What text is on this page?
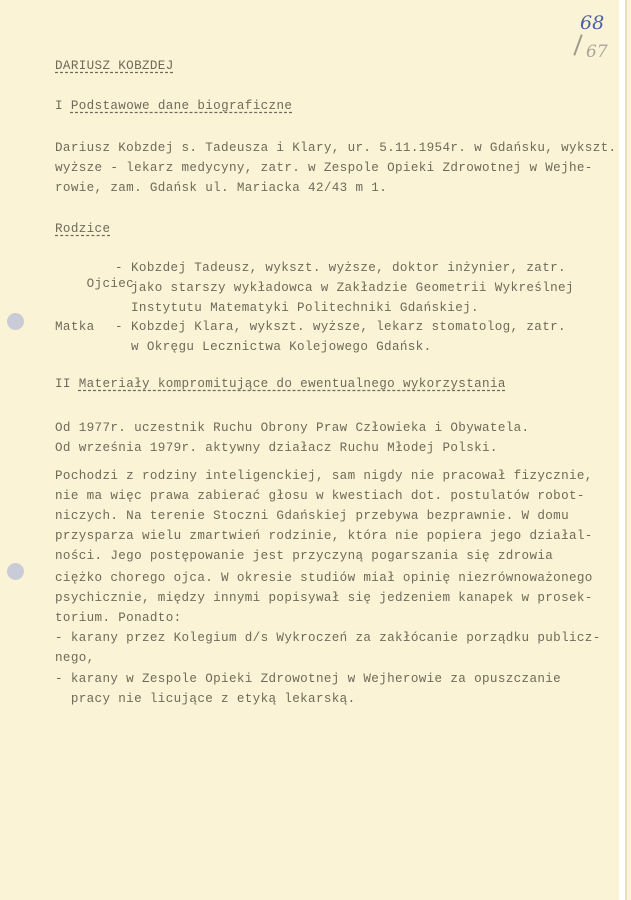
68
67
DARIUSZ KOBZDEJ
I Podstawowe dane biograficzne
Dariusz Kobzdej s. Tadeusza i Klary, ur. 5.11.1954r. w Gdańsku, wykszt.
wyższe - lekarz medycyny, zatr. w Zespole Opieki Zdrowotnej w Wejhe-
rowie, zam. Gdańsk ul. Mariacka 42/43 m 1.
Rodzice

Ojciec

- Kobzdej Tadeusz, wykszt. wyższe, doktor inżynier, zatr.
jako starszy wykładowca w Zakładzie Geometrii Wykreślnej
Instytutu Matematyki Politechniki Gdańskiej.
Matka - Kobzdej Klara, wykszt. wyższe, lekarz stomatolog, zatr.
w Okręgu Lecznictwa Kolejowego Gdańsk.
II Materiały kompromitujące do ewentualnego wykorzystania
Od 1977r. uczestnik Ruchu Obrony Praw Człowieka i Obywatela.
Od września 1979r. aktywny działacz Ruchu Młodej Polski.
Pochodzi z rodziny inteligenckiej, sam nigdy nie pracował fizycznie,
nie ma więc prawa zabierać głosu w kwestiach dot. postulatów robot-
niczych. Na terenie Stoczni Gdańskiej przebywa bezprawnie. W domu
przysparza wielu zmartwień rodzinie, która nie popiera jego działal-
ności. Jego postępowanie jest przyczyną pogarszania się zdrowia
ciężko chorego ojca. W okresie studiów miał opinię niezrównoważonego
psychicznie, między innymi popisywał się jedzeniem kanapek w prosek-
torium. Ponadto:
- karany przez Kolegium d/s Wykroczeń za zakłócanie porządku publicz-
nego,
- karany w Zespole Opieki Zdrowotnej w Wejherowie za opuszczanie
pracy nie licujące z etyką lekarską.
